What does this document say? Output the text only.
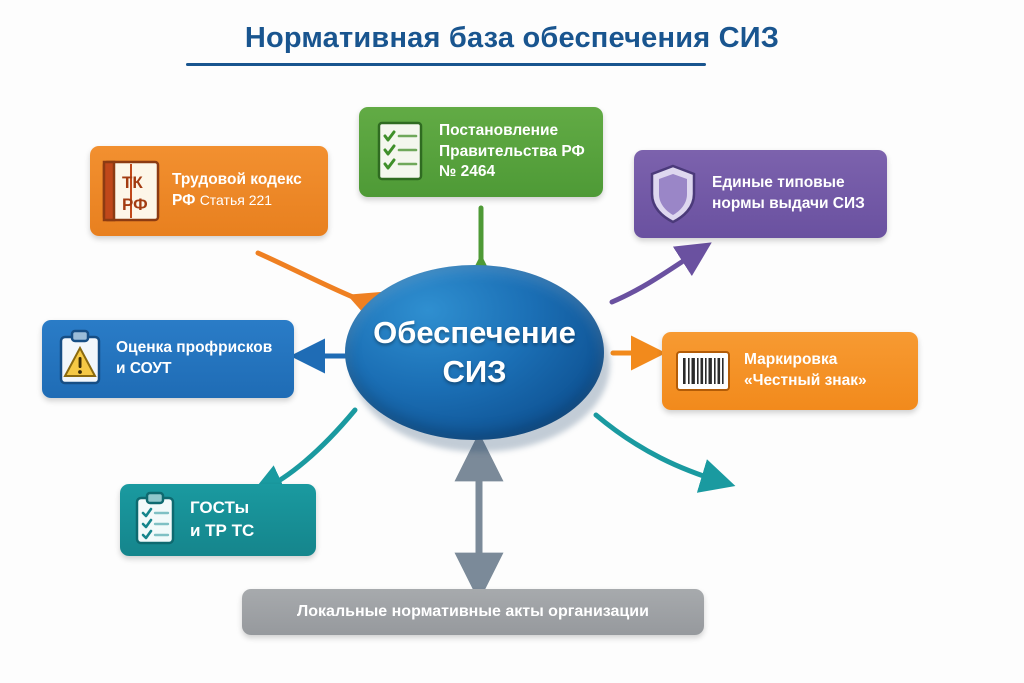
Нормативная база обеспечения СИЗ
Обеспечение
СИЗ
ТК
РФ
Трудовой кодекс
РФ Статья 221
Постановление
Правительства РФ
№ 2464
Единые типовые
нормы выдачи СИЗ
Оценка профрисков
и СОУТ
Маркировка
«Честный знак»
ГОСТы
и ТР ТС
Локальные нормативные акты организации
